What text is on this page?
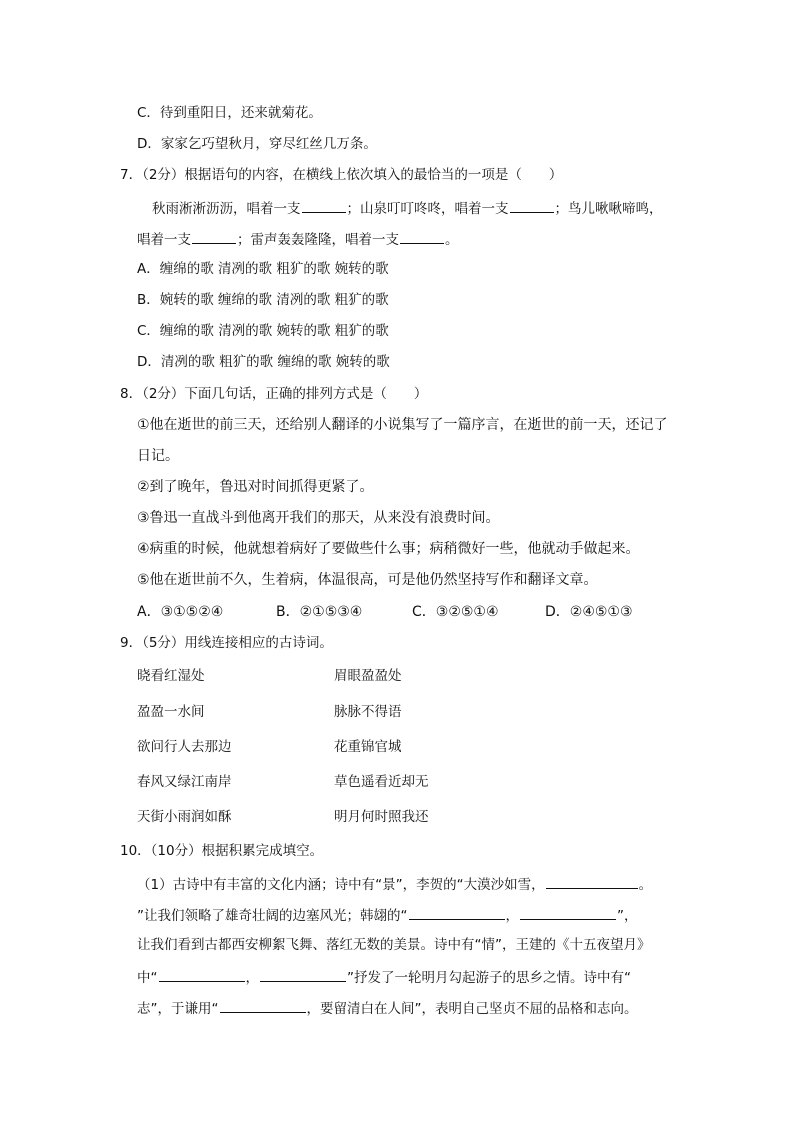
C．待到重阳日，还来就菊花。
D．家家乞巧望秋月，穿尽红丝几万条。
7．（2分）根据语句的内容，在横线上依次填入的最恰当的一项是（　　）
秋雨淅淅沥沥，唱着一支	；山泉叮叮咚咚，唱着一支	；鸟儿啾啾啼鸣，
唱着一支	；雷声轰轰隆隆，唱着一支	。
A．缠绵的歌 清冽的歌 粗犷的歌 婉转的歌
B．婉转的歌 缠绵的歌 清冽的歌 粗犷的歌
C．缠绵的歌 清冽的歌 婉转的歌 粗犷的歌
D．清冽的歌 粗犷的歌 缠绵的歌 婉转的歌
8．（2分）下面几句话，正确的排列方式是（　　）
①他在逝世的前三天，还给别人翻译的小说集写了一篇序言，在逝世的前一天，还记了
日记。
②到了晚年，鲁迅对时间抓得更紧了。
③鲁迅一直战斗到他离开我们的那天，从来没有浪费时间。
④病重的时候，他就想着病好了要做些什么事；病稍微好一些，他就动手做起来。
⑤他在逝世前不久，生着病，体温很高，可是他仍然坚持写作和翻译文章。
A．③①⑤②④	B．②①⑤③④	C．③②⑤①④	D．②④⑤①③
9．（5分）用线连接相应的古诗词。
晓看红湿处	眉眼盈盈处
盈盈一水间	脉脉不得语
欲问行人去那边	花重锦官城
春风又绿江南岸	草色遥看近却无
天街小雨润如酥	明月何时照我还
10．（10分）根据积累完成填空。
（1）古诗中有丰富的文化内涵；诗中有“景”，李贺的“大漠沙如雪，	。
”让我们领略了雄奇壮阔的边塞风光；韩翃的“	，	”，
让我们看到古都西安柳絮飞舞、落红无数的美景。诗中有“情”，王建的《十五夜望月》
中“	，	”抒发了一轮明月勾起游子的思乡之情。诗中有“
志”，于谦用“	，要留清白在人间”，表明自己坚贞不屈的品格和志向。
